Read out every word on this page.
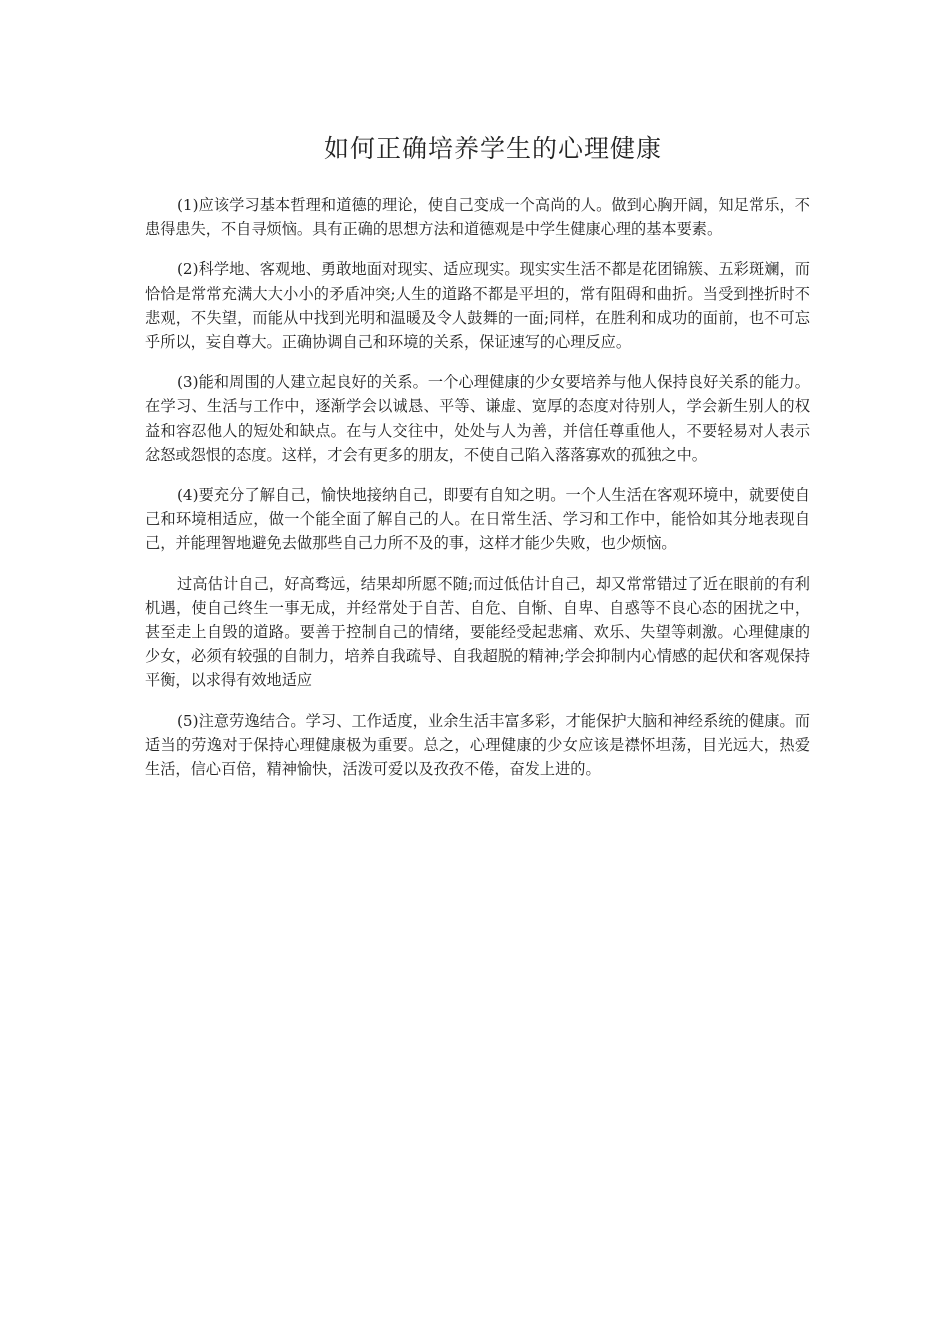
如何正确培养学生的心理健康

(1)应该学习基本哲理和道德的理论，使自己变成一个高尚的人。做到心胸开阔，知足常乐，不患得患失，不自寻烦恼。具有正确的思想方法和道德观是中学生健康心理的基本要素。

(2)科学地、客观地、勇敢地面对现实、适应现实。现实实生活不都是花团锦簇、五彩斑斓，而恰恰是常常充满大大小小的矛盾冲突;人生的道路不都是平坦的，常有阻碍和曲折。当受到挫折时不悲观，不失望，而能从中找到光明和温暖及令人鼓舞的一面;同样，在胜利和成功的面前，也不可忘乎所以，妄自尊大。正确协调自己和环境的关系，保证速写的心理反应。

(3)能和周围的人建立起良好的关系。一个心理健康的少女要培养与他人保持良好关系的能力。在学习、生活与工作中，逐渐学会以诚恳、平等、谦虚、宽厚的态度对待别人，学会新生别人的权益和容忍他人的短处和缺点。在与人交往中，处处与人为善，并信任尊重他人，不要轻易对人表示忿怒或怨恨的态度。这样，才会有更多的朋友，不使自己陷入落落寡欢的孤独之中。

(4)要充分了解自己，愉快地接纳自己，即要有自知之明。一个人生活在客观环境中，就要使自己和环境相适应，做一个能全面了解自己的人。在日常生活、学习和工作中，能恰如其分地表现自己，并能理智地避免去做那些自己力所不及的事，这样才能少失败，也少烦恼。

过高估计自己，好高骛远，结果却所愿不随;而过低估计自己，却又常常错过了近在眼前的有利机遇，使自己终生一事无成，并经常处于自苦、自危、自惭、自卑、自惑等不良心态的困扰之中，甚至走上自毁的道路。要善于控制自己的情绪，要能经受起悲痛、欢乐、失望等刺激。心理健康的少女，必须有较强的自制力，培养自我疏导、自我超脱的精神;学会抑制内心情感的起伏和客观保持平衡，以求得有效地适应

(5)注意劳逸结合。学习、工作适度，业余生活丰富多彩，才能保护大脑和神经系统的健康。而适当的劳逸对于保持心理健康极为重要。总之，心理健康的少女应该是襟怀坦荡，目光远大，热爱生活，信心百倍，精神愉快，活泼可爱以及孜孜不倦，奋发上进的。
